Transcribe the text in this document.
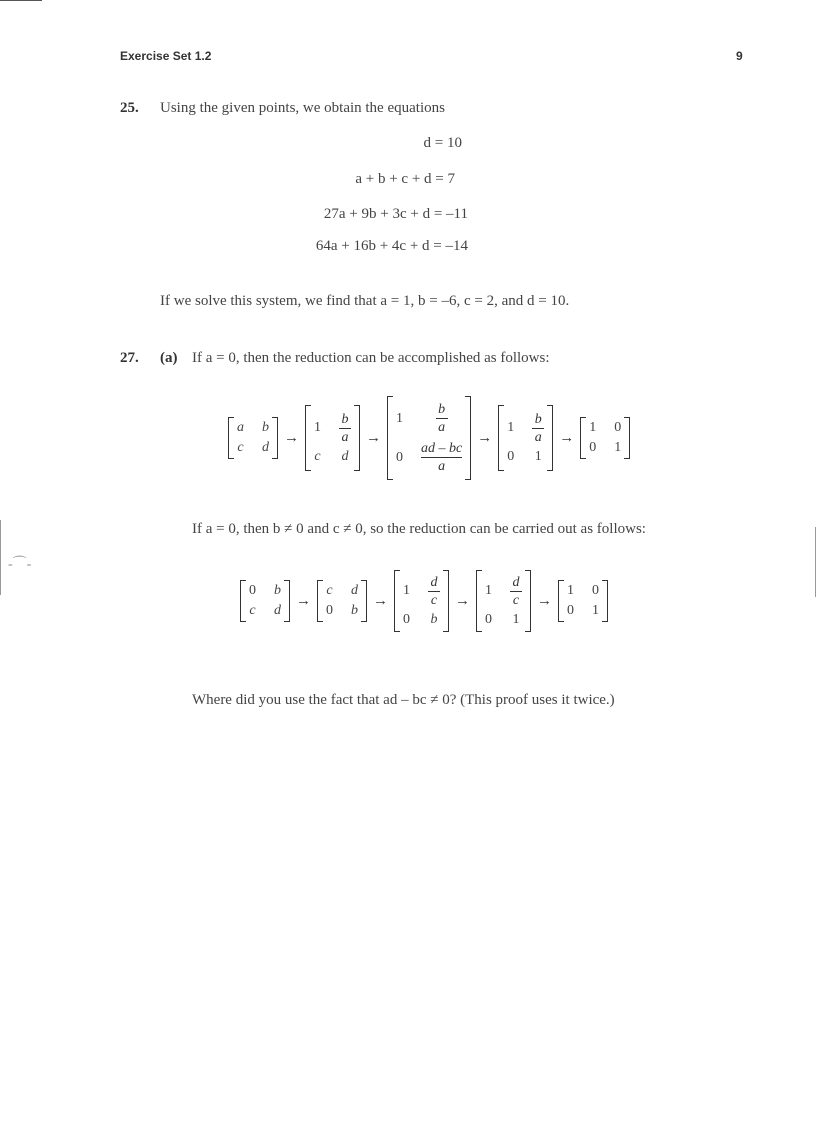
Exercise Set 1.2	9
25. Using the given points, we obtain the equations
d = 10
a + b + c + d = 7
27a + 9b + 3c + d = –11
64a + 16b + 4c + d = –14
If we solve this system, we find that a = 1, b = –6, c = 2, and d = 10.
27. (a) If a = 0, then the reduction can be accomplished as follows:
a b
c d
→
$1 \frac{b}{a}$
c d
→
$1 \frac{b}{a}$
$0 \frac{ad - bc}{a}$
→
$1 \frac{b}{a}$
0 1
→
1 0
0 1
If a = 0, then b ≠ 0 and c ≠ 0, so the reduction can be carried out as follows:
0 b
c d
→
c d
0 b
→
$1 \frac{d}{c}$
0 b
→
$1 \frac{d}{c}$
0 1
→
1 0
0 1
Where did you use the fact that ad – bc ≠ 0? (This proof uses it twice.)
-⌒-
